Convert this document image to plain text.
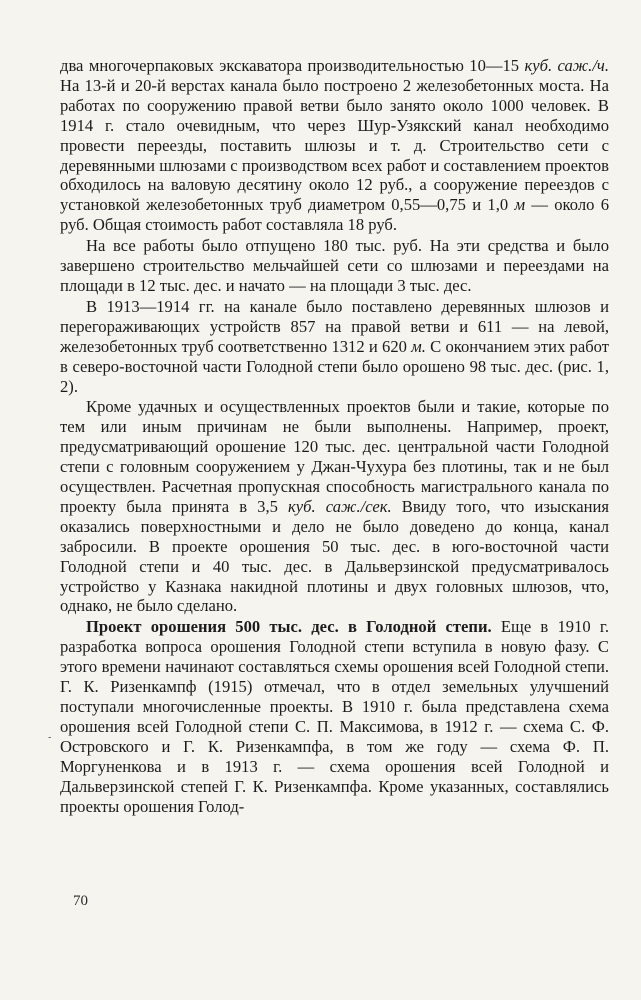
два многочерпаковых экскаватора производительностью 10—15 куб. саж./ч. На 13-й и 20-й верстах канала было построено 2 железобетонных моста. На работах по сооружению правой ветви было занято около 1000 человек. В 1914 г. стало очевидным, что через Шур-Узякский канал необходимо провести переезды, поставить шлюзы и т. д. Строительство сети с деревянными шлюзами с производством всех работ и составлением проектов обходилось на валовую десятину около 12 руб., а сооружение переездов с установкой железобетонных труб диаметром 0,55—0,75 и 1,0 м — около 6 руб. Общая стоимость работ составляла 18 руб.

На все работы было отпущено 180 тыс. руб. На эти средства и было завершено строительство мельчайшей сети со шлюзами и переездами на площади в 12 тыс. дес. и начато — на площади 3 тыс. дес.

В 1913—1914 гг. на канале было поставлено деревянных шлюзов и перегораживающих устройств 857 на правой ветви и 611 — на левой, железобетонных труб соответственно 1312 и 620 м. С окончанием этих работ в северо-восточной части Голодной степи было орошено 98 тыс. дес. (рис. 1, 2).

Кроме удачных и осуществленных проектов были и такие, которые по тем или иным причинам не были выполнены. Например, проект, предусматривающий орошение 120 тыс. дес. центральной части Голодной степи с головным сооружением у Джан-Чухура без плотины, так и не был осуществлен. Расчетная пропускная способность магистрального канала по проекту была принята в 3,5 куб. саж./сек. Ввиду того, что изыскания оказались поверхностными и дело не было доведено до конца, канал забросили. В проекте орошения 50 тыс. дес. в юго-восточной части Голодной степи и 40 тыс. дес. в Дальверзинской предусматривалось устройство у Казнака накидной плотины и двух головных шлюзов, что, однако, не было сделано.

Проект орошения 500 тыс. дес. в Голодной степи. Еще в 1910 г. разработка вопроса орошения Голодной степи вступила в новую фазу. С этого времени начинают составляться схемы орошения всей Голодной степи. Г. К. Ризенкампф (1915) отмечал, что в отдел земельных улучшений поступали многочисленные проекты. В 1910 г. была представлена схема орошения всей Голодной степи С. П. Максимова, в 1912 г. — схема С. Ф. Островского и Г. К. Ризенкампфа, в том же году — схема Ф. П. Моргуненкова и в 1913 г. — схема орошения всей Голодной и Дальверзинской степей Г. К. Ризенкампфа. Кроме указанных, составлялись проекты орошения Голод-

-
70
